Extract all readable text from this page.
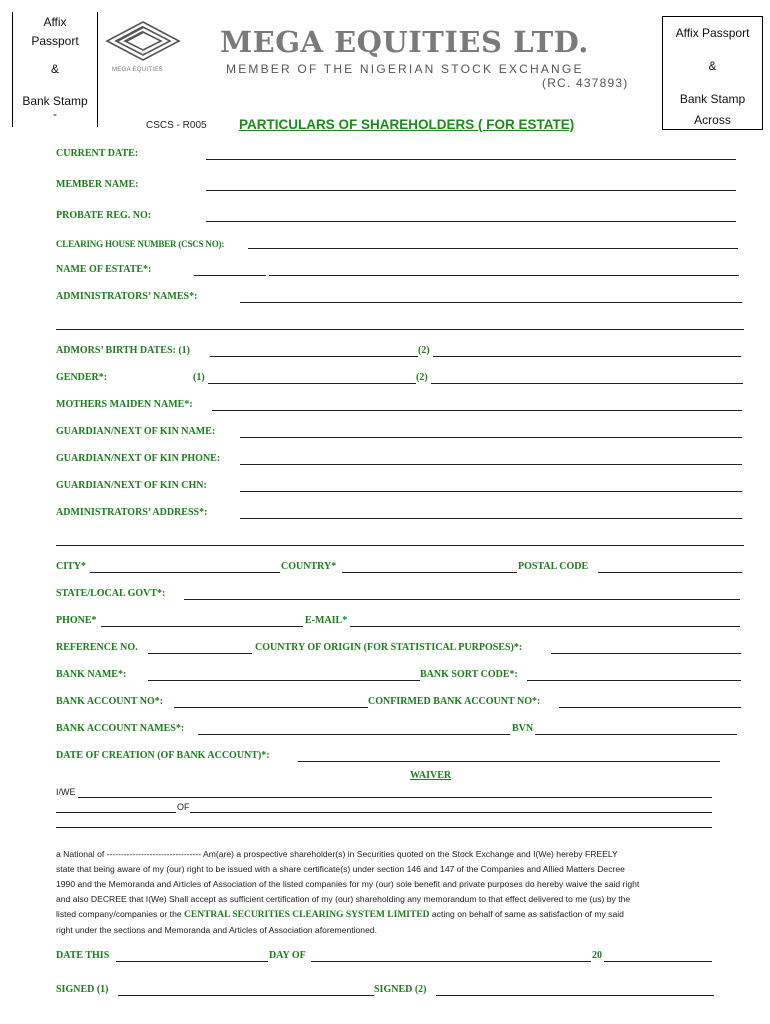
Affix
Passport
&
Bank Stamp
-
Affix Passport
&
Bank Stamp
Across
MEGA EQUITIES
MEGA EQUITIES LTD.
MEMBER OF THE NIGERIAN STOCK EXCHANGE
(RC. 437893)
CSCS - R005 PARTICULARS OF SHAREHOLDERS ( FOR ESTATE)
CURRENT DATE:
MEMBER NAME:
PROBATE REG. NO:
CLEARING HOUSE NUMBER (CSCS NO):
NAME OF ESTATE*:
ADMINISTRATORS’ NAMES*:
ADMORS’ BIRTH DATES: (1)	(2)
GENDER*:	(1)	(2)
MOTHERS MAIDEN NAME*:
GUARDIAN/NEXT OF KIN NAME:
GUARDIAN/NEXT OF KIN PHONE:
GUARDIAN/NEXT OF KIN CHN:
ADMINISTRATORS’ ADDRESS*:
CITY*	COUNTRY*	POSTAL CODE
STATE/LOCAL GOVT*:
PHONE*	E-MAIL*
REFERENCE NO.	COUNTRY OF ORIGIN (FOR STATISTICAL PURPOSES)*:
BANK NAME*:	BANK SORT CODE*:
BANK ACCOUNT NO*:	CONFIRMED BANK ACCOUNT NO*:
BANK ACCOUNT NAMES*:	BVN
DATE OF CREATION (OF BANK ACCOUNT)*:
WAIVER
I/WE
OF
a National of --------------------------------- Am(are) a prospective shareholder(s) in Securities quoted on the Stock Exchange and I(We) hereby FREELY
state that being aware of my (our) right to be issued with a share certificate(s) under section 146 and 147 of the Companies and Allied Matters Decree
1990 and the Memoranda and Articles of Association of the listed companies for my (our) sole benefit and private purposes do hereby waive the said right
and also DECREE that I(We) Shall accept as sufficient certification of my (our) shareholding any memorandum to that effect delivered to me (us) by the
listed company/companies or the CENTRAL SECURITIES CLEARING SYSTEM LIMITED acting on behalf of same as satisfaction of my said
right under the sections and Memoranda and Articles of Association aforementioned.
DATE THIS	DAY OF	20
SIGNED (1)	SIGNED (2)
